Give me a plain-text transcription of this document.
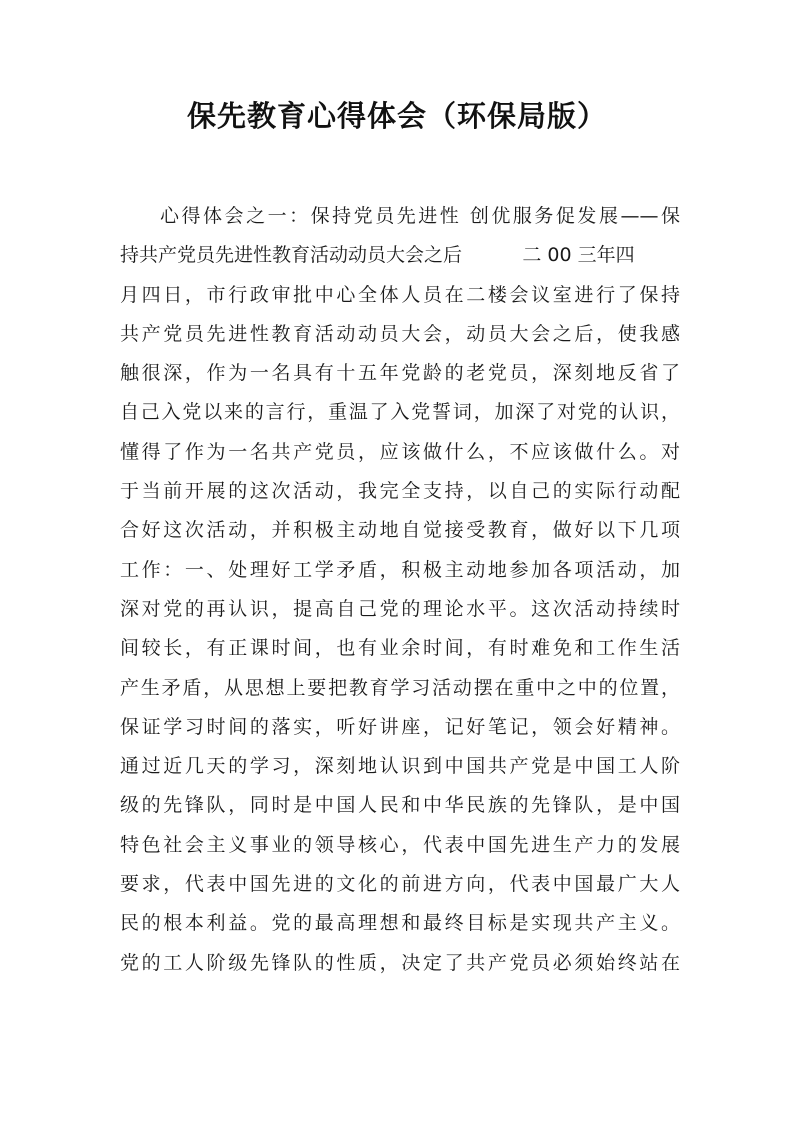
保先教育心得体会（环保局版）
心得体会之一：保持党员先进性 创优服务促发展——保
持共产党员先进性教育活动动员大会之后          二 00 三年四
月四日，市行政审批中心全体人员在二楼会议室进行了保持
共产党员先进性教育活动动员大会，动员大会之后，使我感
触很深，作为一名具有十五年党龄的老党员，深刻地反省了
自己入党以来的言行，重温了入党誓词，加深了对党的认识，
懂得了作为一名共产党员，应该做什么，不应该做什么。对
于当前开展的这次活动，我完全支持，以自己的实际行动配
合好这次活动，并积极主动地自觉接受教育，做好以下几项
工作：一、处理好工学矛盾，积极主动地参加各项活动，加
深对党的再认识，提高自己党的理论水平。这次活动持续时
间较长，有正课时间，也有业余时间，有时难免和工作生活
产生矛盾，从思想上要把教育学习活动摆在重中之中的位置，
保证学习时间的落实，听好讲座，记好笔记，领会好精神。
通过近几天的学习，深刻地认识到中国共产党是中国工人阶
级的先锋队，同时是中国人民和中华民族的先锋队，是中国
特色社会主义事业的领导核心，代表中国先进生产力的发展
要求，代表中国先进的文化的前进方向，代表中国最广大人
民的根本利益。党的最高理想和最终目标是实现共产主义。
党的工人阶级先锋队的性质，决定了共产党员必须始终站在
